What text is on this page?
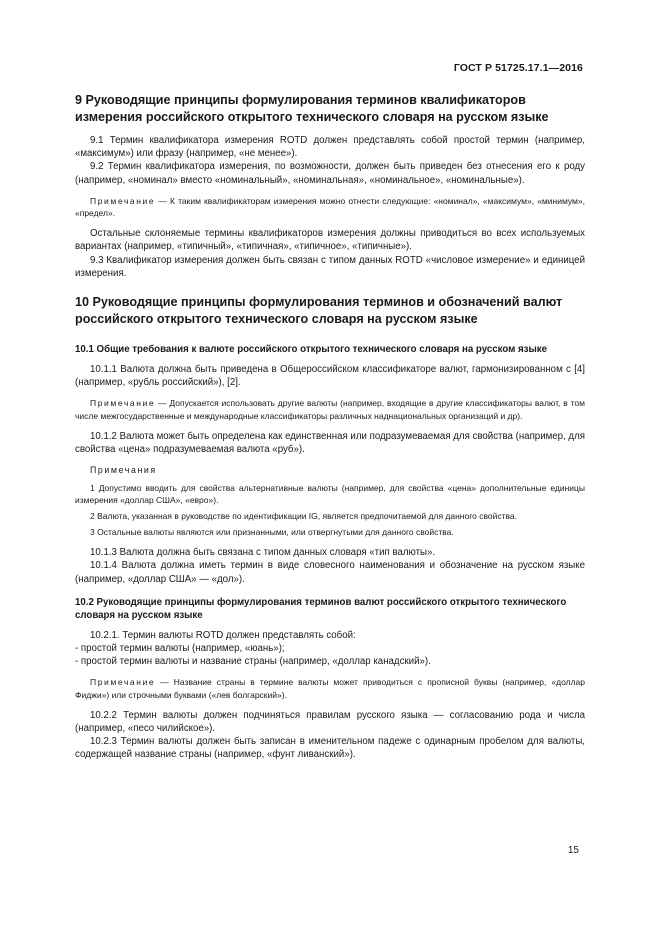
ГОСТ Р 51725.17.1—2016

9 Руководящие принципы формулирования терминов квалификаторов измерения российского открытого технического словаря на русском языке

9.1 Термин квалификатора измерения ROTD должен представлять собой простой термин (например, «максимум») или фразу (например, «не менее»).

9.2 Термин квалификатора измерения, по возможности, должен быть приведен без отнесения его к роду (например, «номинал» вместо «номинальный», «номинальная», «номинальное», «номинальные»).

Примечание — К таким квалификаторам измерения можно отнести следующие: «номинал», «максимум», «минимум», «предел».

Остальные склоняемые термины квалификаторов измерения должны приводиться во всех используемых вариантах (например, «типичный», «типичная», «типичное», «типичные»).

9.3 Квалификатор измерения должен быть связан с типом данных ROTD «числовое измерение» и единицей измерения.

10 Руководящие принципы формулирования терминов и обозначений валют российского открытого технического словаря на русском языке

10.1 Общие требования к валюте российского открытого технического словаря на русском языке

10.1.1 Валюта должна быть приведена в Общероссийском классификаторе валют, гармонизированном с [4] (например, «рубль российский»), [2].

Примечание — Допускается использовать другие валюты (например, входящие в другие классификаторы валют, в том числе межгосударственные и международные классификаторы различных наднациональных организаций и др).

10.1.2 Валюта может быть определена как единственная или подразумеваемая для свойства (например, для свойства «цена» подразумеваемая валюта «руб»).

Примечания

1 Допустимо вводить для свойства альтернативные валюты (например, для свойства «цена» дополнительные единицы измерения «доллар США», «евро»).

2 Валюта, указанная в руководстве по идентификации IG, является предпочитаемой для данного свойства.

3 Остальные валюты являются или признанными, или отвергнутыми для данного свойства.

10.1.3 Валюта должна быть связана с типом данных словаря «тип валюты».

10.1.4 Валюта должна иметь термин в виде словесного наименования и обозначение на русском языке (например, «доллар США» — «дол»).

10.2 Руководящие принципы формулирования терминов валют российского открытого технического словаря на русском языке

10.2.1. Термин валюты ROTD должен представлять собой:

- простой термин валюты (например, «юань»);

- простой термин валюты и название страны (например, «доллар канадский»).

Примечание — Название страны в термине валюты может приводиться с прописной буквы (например, «доллар Фиджи») или строчными буквами («лев болгарский»).

10.2.2 Термин валюты должен подчиняться правилам русского языка — согласованию рода и числа (например, «песо чилийское»).

10.2.3 Термин валюты должен быть записан в именительном падеже с одинарным пробелом для валюты, содержащей название страны (например, «фунт ливанский»).

15
